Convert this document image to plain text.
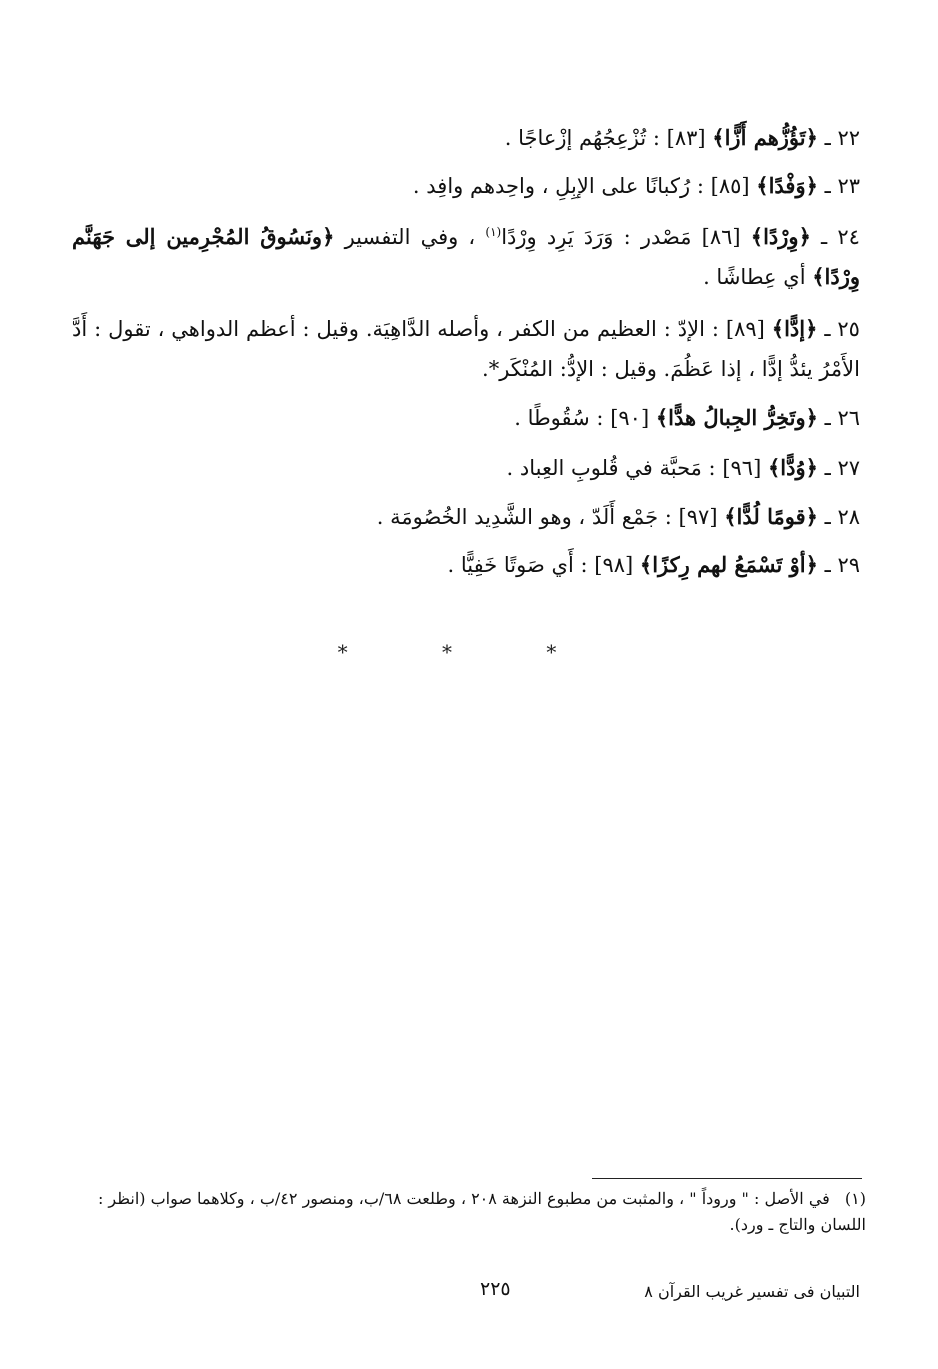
٢٢ ـ ﴿تَؤُزُّهم أَزًّا﴾ [٨٣] : تُزْعِجُهُم إزْعاجًا .
٢٣ ـ ﴿وَفْدًا﴾ [٨٥] : رُكبانًا على الإبِلِ ، واحِدهم وافِد .
٢٤ ـ ﴿وِرْدًا﴾ [٨٦] مَصْدر : وَرَدَ يَرِد وِرْدًا$^{(١)}$ ، وفي التفسير ﴿ونَسُوقُ المُجْرِمين إلى جَهَنَّم وِرْدًا﴾ أي عِطاشًا .
٢٥ ـ ﴿إدًّا﴾ [٨٩] : الإدّ : العظيم من الكفر ، وأصله الدَّاهِيَة. وقيل : أعظم الدواهي ، تقول : أَدَّ الأَمْرُ يئدُّ إدًّا ، إذا عَظُمَ. وقيل : الإدُّ: المُنْكَر*.
٢٦ ـ ﴿وتَخِرُّ الجِبالُ هدًّا﴾ [٩٠] : سُقُوطًا .
٢٧ ـ ﴿وُدًّا﴾ [٩٦] : مَحبَّة في قُلوبِ العِباد .
٢٨ ـ ﴿قومًا لُدًّا﴾ [٩٧] : جَمْع أَلَدّ ، وهو الشَّدِيد الخُصُومَة .
٢٩ ـ ﴿أوْ تَسْمَعُ لهم رِكزًا﴾ [٩٨] : أَي صَوتًا خَفِيًّا .
* * *
(١) في الأصل : " وروداً " ، والمثبت من مطبوع النزهة ٢٠٨ ، وطلعت ٦٨/ب، ومنصور ٤٢/ب ، وكلاهما صواب (انظر : اللسان والتاج ـ ورد).
٢٢٥	التبيان فى تفسير غريب القرآن ٨
